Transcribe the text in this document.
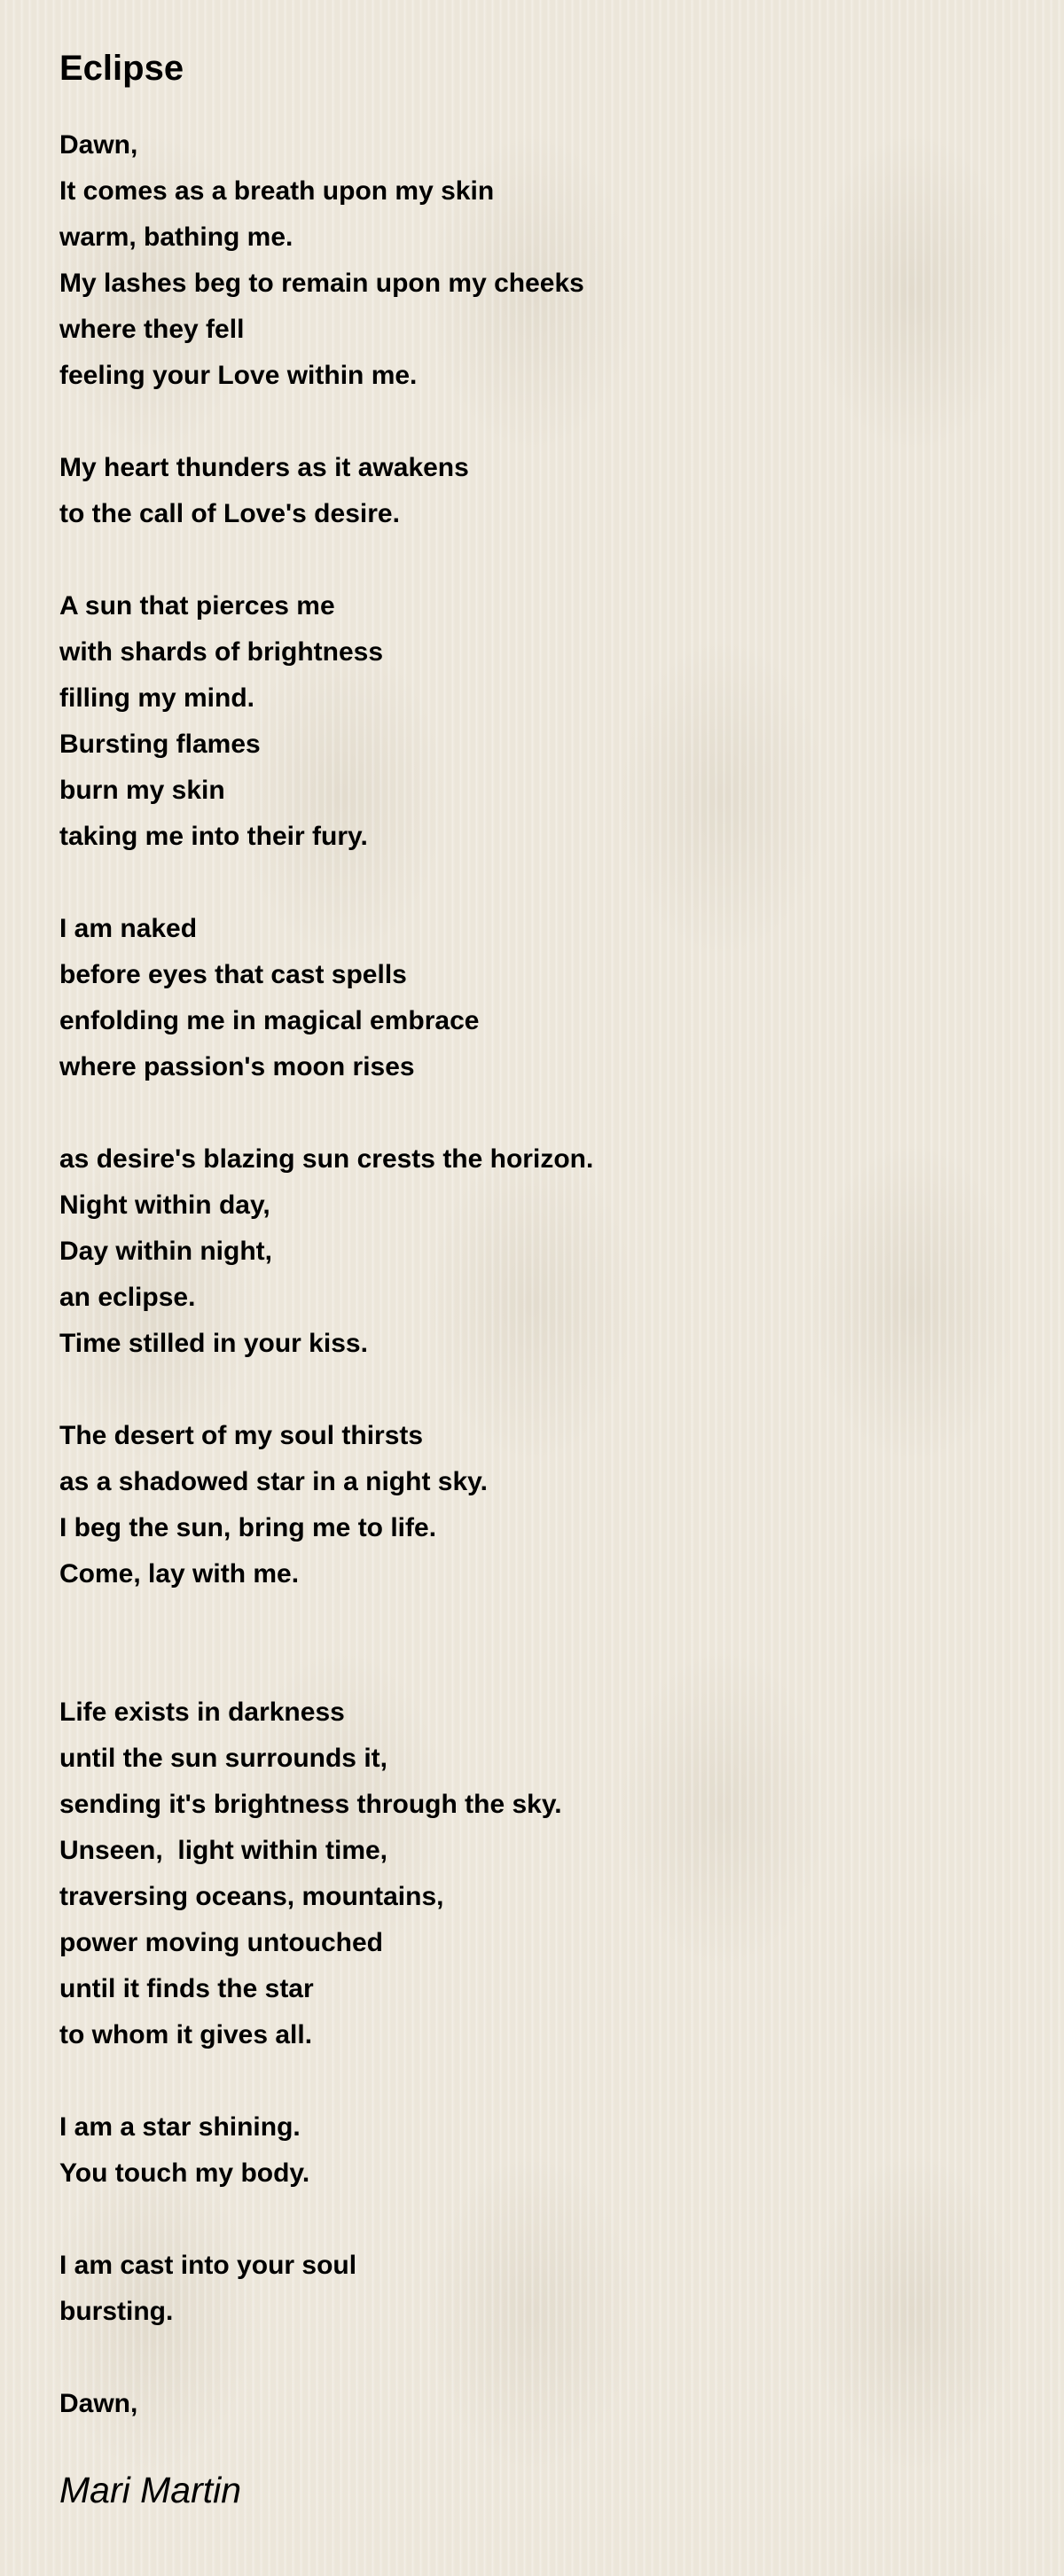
Eclipse
Dawn,
It comes as a breath upon my skin
warm, bathing me.
My lashes beg to remain upon my cheeks
where they fell
feeling your Love within me.
My heart thunders as it awakens
to the call of Love's desire.
A sun that pierces me
with shards of brightness
filling my mind.
Bursting flames
burn my skin
taking me into their fury.
I am naked
before eyes that cast spells
enfolding me in magical embrace
where passion's moon rises
as desire's blazing sun crests the horizon.
Night within day,
Day within night,
an eclipse.
Time stilled in your kiss.
The desert of my soul thirsts
as a shadowed star in a night sky.
I beg the sun, bring me to life.
Come, lay with me.
Life exists in darkness
until the sun surrounds it,
sending it's brightness through the sky.
Unseen,  light within time,
traversing oceans, mountains,
power moving untouched
until it finds the star
to whom it gives all.
I am a star shining.
You touch my body.
I am cast into your soul
bursting.
Dawn,
Mari Martin
